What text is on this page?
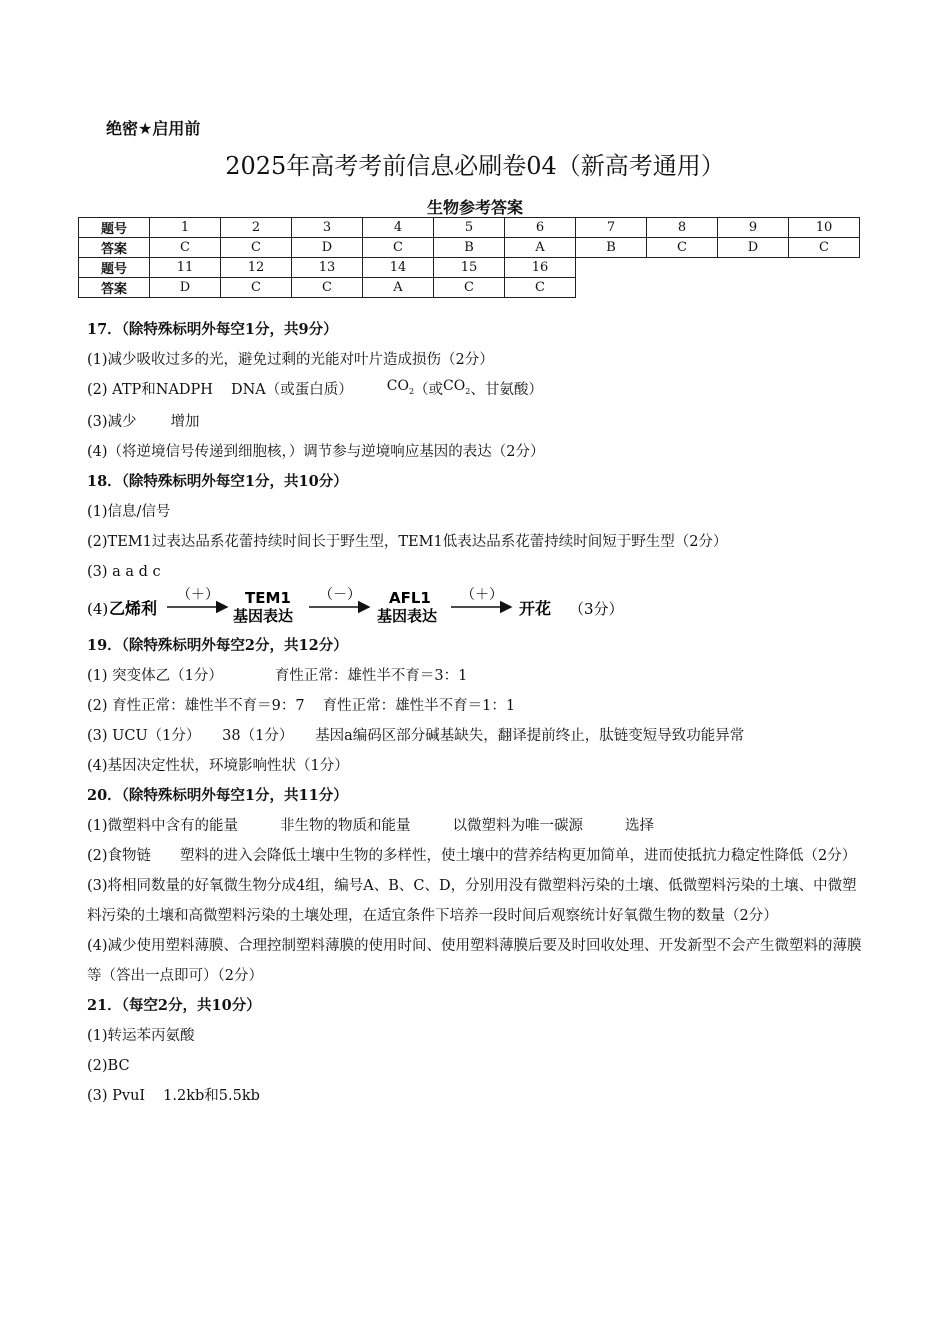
绝密★启用前
2025年高考考前信息必刷卷04（新高考通用）
生物参考答案
题号	1	2	3	4	5	6	7	8	9	10
答案	C	C	D	C	B	A	B	C	D	C
题号	11	12	13	14	15	16				
答案	D	C	C	A	C	C				
17．（除特殊标明外每空1分，共9分）
(1)减少吸收过多的光，避免过剩的光能对叶片造成损伤（2分）
(2) ATP和NADPH DNA（或蛋白质） CO2（或CO2、甘氨酸）
(3)减少 增加
(4)（将逆境信号传递到细胞核，）调节参与逆境响应基因的表达（2分）
18．（除特殊标明外每空1分，共10分）
(1)信息/信号
(2)TEM1过表达品系花蕾持续时间长于野生型，TEM1低表达品系花蕾持续时间短于野生型（2分）
(3) a a d c
(4) 乙烯利
（＋） TEM1
基因表达
（－） AFL1
基因表达
（＋）
开花 （3分）
19．（除特殊标明外每空2分，共12分）
(1) 突变体乙（1分）	育性正常：雄性半不育＝3：1
(2) 育性正常：雄性半不育＝9：7 育性正常：雄性半不育＝1：1
(3) UCU（1分）　　38（1分）　　基因a编码区部分碱基缺失，翻译提前终止，肽链变短导致功能异常
(4)基因决定性状，环境影响性状（1分）
20．（除特殊标明外每空1分，共11分）
(1)微塑料中含有的能量	非生物的物质和能量	以微塑料为唯一碳源	选择
(2)食物链　　塑料的进入会降低土壤中生物的多样性，使土壤中的营养结构更加简单，进而使抵抗力稳定性降低（2分）
(3)将相同数量的好氧微生物分成4组，编号A、B、C、D，分别用没有微塑料污染的土壤、低微塑料污染的土壤、中微塑料污染的土壤和高微塑料污染的土壤处理，在适宜条件下培养一段时间后观察统计好氧微生物的数量（2分）
(4)减少使用塑料薄膜、合理控制塑料薄膜的使用时间、使用塑料薄膜后要及时回收处理、开发新型不会产生微塑料的薄膜等（答出一点即可）（2分）
21．（每空2分，共10分）
(1)转运苯丙氨酸
(2)BC
(3) PvuI 1.2kb和5.5kb
